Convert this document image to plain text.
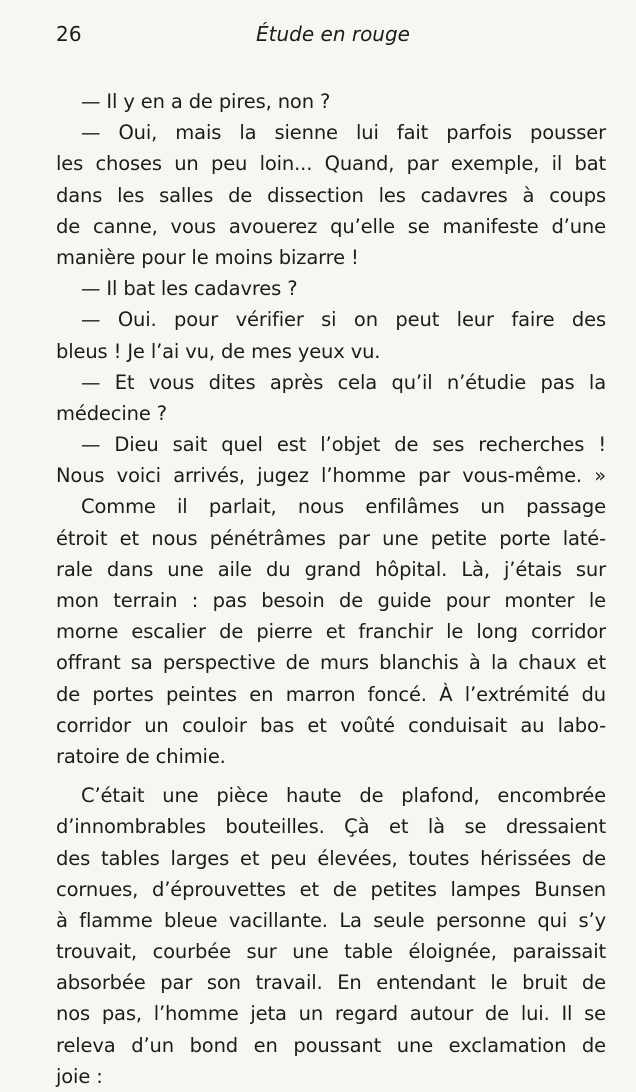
26	Étude en rouge
— Il y en a de pires, non ?
— Oui, mais la sienne lui fait parfois pousser
les choses un peu loin... Quand, par exemple, il bat
dans les salles de dissection les cadavres à coups
de canne, vous avouerez qu’elle se manifeste d’une
manière pour le moins bizarre !
— Il bat les cadavres ?
— Oui. pour vérifier si on peut leur faire des
bleus ! Je l’ai vu, de mes yeux vu.
— Et vous dites après cela qu’il n’étudie pas la
médecine ?
— Dieu sait quel est l’objet de ses recherches !
Nous voici arrivés, jugez l’homme par vous-même. »
Comme il parlait, nous enfilâmes un passage
étroit et nous pénétrâmes par une petite porte laté-
rale dans une aile du grand hôpital. Là, j’étais sur
mon terrain : pas besoin de guide pour monter le
morne escalier de pierre et franchir le long corridor
offrant sa perspective de murs blanchis à la chaux et
de portes peintes en marron foncé. À l’extrémité du
corridor un couloir bas et voûté conduisait au labo-
ratoire de chimie.
C’était une pièce haute de plafond, encombrée
d’innombrables bouteilles. Çà et là se dressaient
des tables larges et peu élevées, toutes hérissées de
cornues, d’éprouvettes et de petites lampes Bunsen
à flamme bleue vacillante. La seule personne qui s’y
trouvait, courbée sur une table éloignée, paraissait
absorbée par son travail. En entendant le bruit de
nos pas, l’homme jeta un regard autour de lui. Il se
releva d’un bond en poussant une exclamation de
joie :
